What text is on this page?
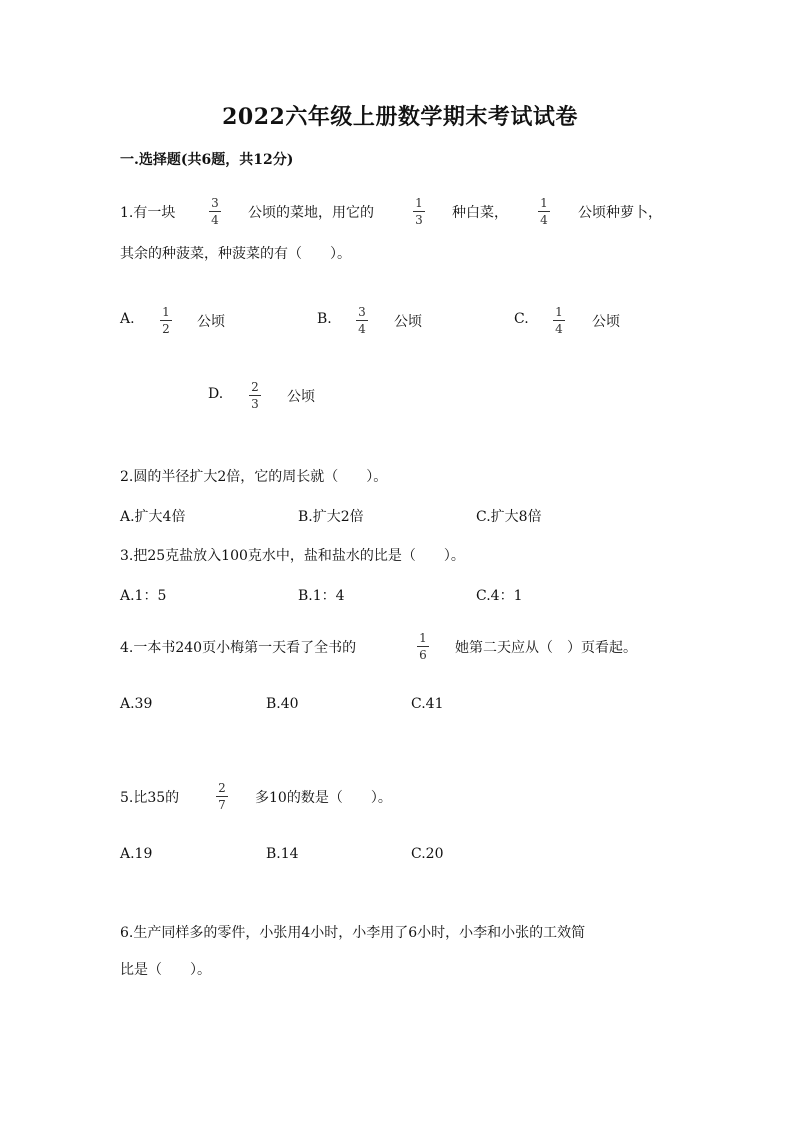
2022六年级上册数学期末考试试卷
一.选择题(共6题，共12分)
1.有一块
3
4 公顷的菜地，用它的
1
3 种白菜，
1
4 公顷种萝卜，
其余的种菠菜，种菠菜的有（　　）。
A. 1
2 公顷	B. 3
4 公顷	C. 1
4 公顷
D. 2
3 公顷
2.圆的半径扩大2倍，它的周长就（　　）。
A.扩大4倍	B.扩大2倍	C.扩大8倍
3.把25克盐放入100克水中，盐和盐水的比是（　　）。
A.1：5	B.1：4	C.4：1
4.一本书240页小梅第一天看了全书的
1
6 她第二天应从（　）页看起。
A.39	B.40	C.41
5.比35的
2
7 多10的数是（　　）。
A.19	B.14	C.20
6.生产同样多的零件，小张用4小时，小李用了6小时，小李和小张的工效简
比是（　　）。
